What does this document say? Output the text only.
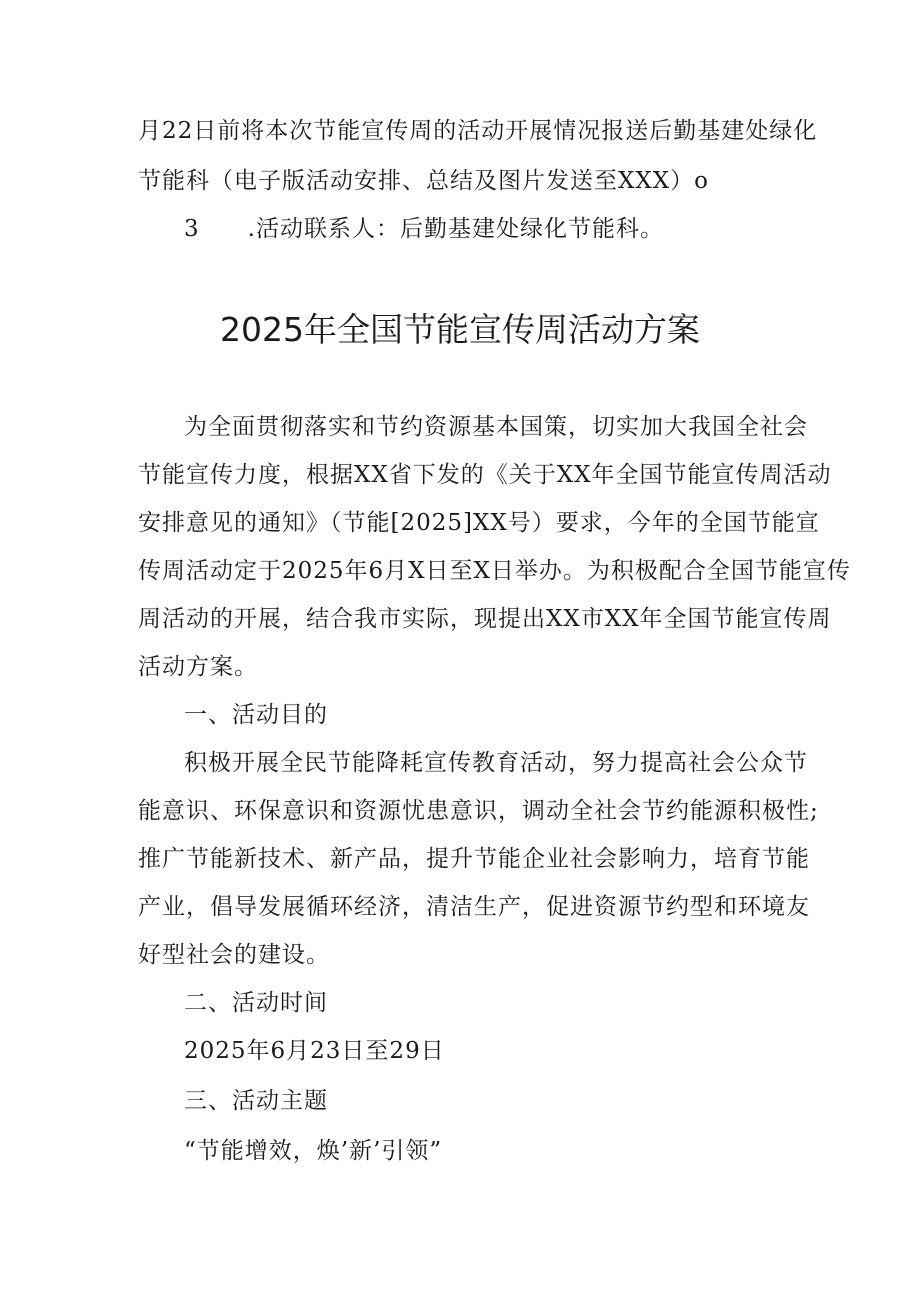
月22日前将本次节能宣传周的活动开展情况报送后勤基建处绿化
节能科（电子版活动安排、总结及图片发送至XXX）o
3　　.活动联系人：后勤基建处绿化节能科。
2025年全国节能宣传周活动方案
为全面贯彻落实和节约资源基本国策，切实加大我国全社会
节能宣传力度，根据XX省下发的《关于XX年全国节能宣传周活动
安排意见的通知》（节能[2025]XX号）要求，今年的全国节能宣
传周活动定于2025年6月X日至X日举办。为积极配合全国节能宣传
周活动的开展，结合我市实际，现提出XX市XX年全国节能宣传周
活动方案。
一、活动目的
积极开展全民节能降耗宣传教育活动，努力提高社会公众节
能意识、环保意识和资源忧患意识，调动全社会节约能源积极性;
推广节能新技术、新产品，提升节能企业社会影响力，培育节能
产业，倡导发展循环经济，清洁生产，促进资源节约型和环境友
好型社会的建设。
二、活动时间
2025年6月23日至29日
三、活动主题
“节能增效，焕’新’引领”
